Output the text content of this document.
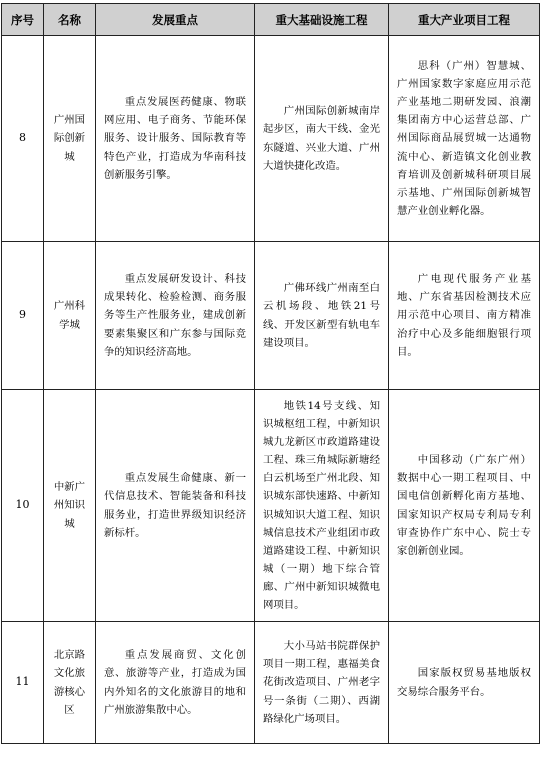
序号	名称	发展重点	重大基础设施工程	重大产业项目工程
8	广州国际创新城	重点发展医药健康、物联网应用、电子商务、节能环保服务、设计服务、国际教育等特色产业，打造成为华南科技创新服务引擎。	广州国际创新城南岸起步区，南大干线、金光东隧道、兴业大道、广州大道快捷化改造。	思科（广州）智慧城、广州国家数字家庭应用示范产业基地二期研发园、浪潮集团南方中心运营总部、广州国际商品展贸城一达通物流中心、新造镇文化创业教育培训及创新城科研项目展示基地、广州国际创新城智慧产业创业孵化器。
9	广州科学城	重点发展研发设计、科技成果转化、检验检测、商务服务等生产性服务业，建成创新要素集聚区和广东参与国际竞争的知识经济高地。	广佛环线广州南至白云机场段、地铁21号线、开发区新型有轨电车建设项目。	广电现代服务产业基地、广东省基因检测技术应用示范中心项目、南方精准治疗中心及多能细胞银行项目。
10	中新广州知识城	重点发展生命健康、新一代信息技术、智能装备和科技服务业，打造世界级知识经济新标杆。	地铁14号支线、知识城枢纽工程，中新知识城九龙新区市政道路建设工程、珠三角城际新塘经白云机场至广州北段、知识城东部快速路、中新知识城知识大道工程、知识城信息技术产业组团市政道路建设工程、中新知识城（一期）地下综合管廊、广州中新知识城微电网项目。	中国移动（广东广州）数据中心一期工程项目、中国电信创新孵化南方基地、国家知识产权局专利局专利审查协作广东中心、院士专家创新创业园。
11	北京路文化旅游核心区	重点发展商贸、文化创意、旅游等产业，打造成为国内外知名的文化旅游目的地和广州旅游集散中心。	大小马站书院群保护项目一期工程，惠福美食花街改造项目、广州老字号一条街（二期）、西湖路绿化广场项目。	国家版权贸易基地版权交易综合服务平台。
